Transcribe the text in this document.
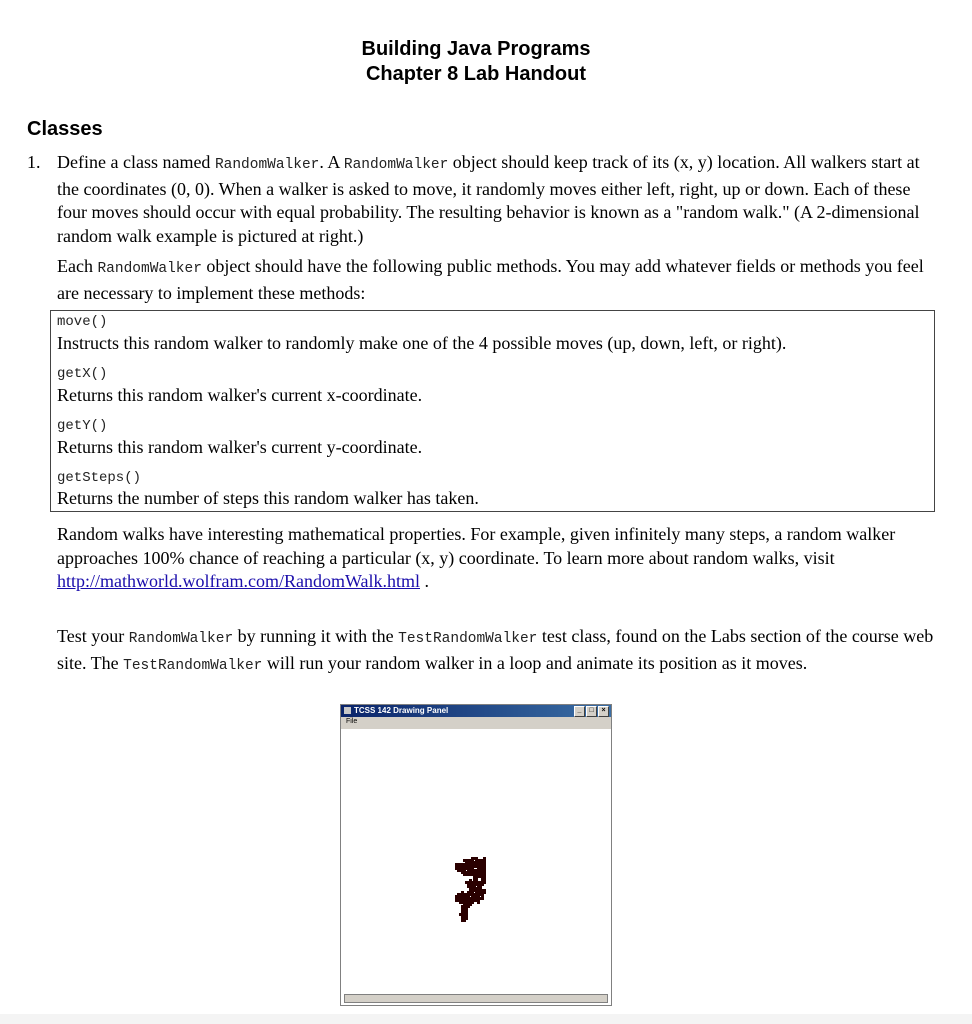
Building Java Programs
Chapter 8 Lab Handout
Classes
1. Define a class named RandomWalker. A RandomWalker object should keep track of its (x, y) location. All walkers start at the coordinates (0, 0). When a walker is asked to move, it randomly moves either left, right, up or down. Each of these four moves should occur with equal probability. The resulting behavior is known as a "random walk." (A 2-dimensional random walk example is pictured at right.)
Each RandomWalker object should have the following public methods. You may add whatever fields or methods you feel are necessary to implement these methods:
move()
Instructs this random walker to randomly make one of the 4 possible moves (up, down, left, or right).
getX()
Returns this random walker's current x-coordinate.
getY()
Returns this random walker's current y-coordinate.
getSteps()
Returns the number of steps this random walker has taken.
Random walks have interesting mathematical properties. For example, given infinitely many steps, a random walker approaches 100% chance of reaching a particular (x, y) coordinate. To learn more about random walks, visit http://mathworld.wolfram.com/RandomWalk.html .
Test your RandomWalker by running it with the TestRandomWalker test class, found on the Labs section of the course web site. The TestRandomWalker will run your random walker in a loop and animate its position as it moves.
TCSS 142 Drawing Panel	_ □ ×
File
